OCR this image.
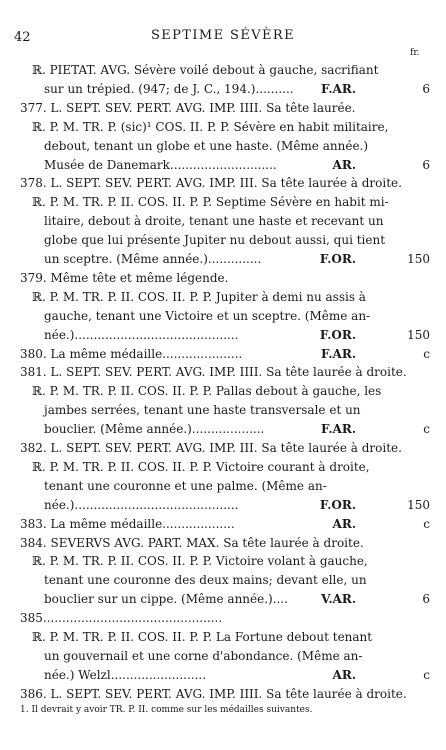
42	SEPTIME SÉVÈRE
fr.
ℝ. PIETAT. AVG. Sévère voilé debout à gauche, sacrifiant
sur un trépied. (947; de J. C., 194.)..........	F.AR.	6
377. L. SEPT. SEV. PERT. AVG. IMP. IIII. Sa tête laurée.
ℝ. P. M. TR. P. (sic)¹ COS. II. P. P. Sévère en habit militaire,
debout, tenant un globe et une haste. (Même année.)
Musée de Danemark............................	AR.	6
378. L. SEPT. SEV. PERT. AVG. IMP. III. Sa tête laurée à droite.
ℝ. P. M. TR. P. II. COS. II. P. P. Septime Sévère en habit mi-
litaire, debout à droite, tenant une haste et recevant un
globe que lui présente Jupiter nu debout aussi, qui tient
un sceptre. (Même année.)..............	F.OR.	150
379. Même tête et même légende.
ℝ. P. M. TR. P. II. COS. II. P. P. Jupiter à demi nu assis à
gauche, tenant une Victoire et un sceptre. (Même an-
née.)...........................................	F.OR.	150
380. La même médaille.....................	F.AR.	c
381. L. SEPT. SEV. PERT. AVG. IMP. IIII. Sa tête laurée à droite.
ℝ. P. M. TR. P. II. COS. II. P. P. Pallas debout à gauche, les
jambes serrées, tenant une haste transversale et un
bouclier. (Même année.)...................	F.AR.	c
382. L. SEPT. SEV. PERT. AVG. IMP. III. Sa tête laurée à droite.
ℝ. P. M. TR. P. II. COS. II. P. P. Victoire courant à droite,
tenant une couronne et une palme. (Même an-
née.)...........................................	F.OR.	150
383. La même médaille...................	AR.	c
384. SEVERVS AVG. PART. MAX. Sa tête laurée à droite.
ℝ. P. M. TR. P. II. COS. II. P. P. Victoire volant à gauche,
tenant une couronne des deux mains; devant elle, un
bouclier sur un cippe. (Même année.)....	V.AR.	6
385...............................................
ℝ. P. M. TR. P. II. COS. II. P. P. La Fortune debout tenant
un gouvernail et une corne d'abondance. (Même an-
née.) Welzl.........................	AR.	c
386. L. SEPT. SEV. PERT. AVG. IMP. IIII. Sa tête laurée à droite.
1. Il devrait y avoir TR. P. II. comme sur les médailles suivantes.
